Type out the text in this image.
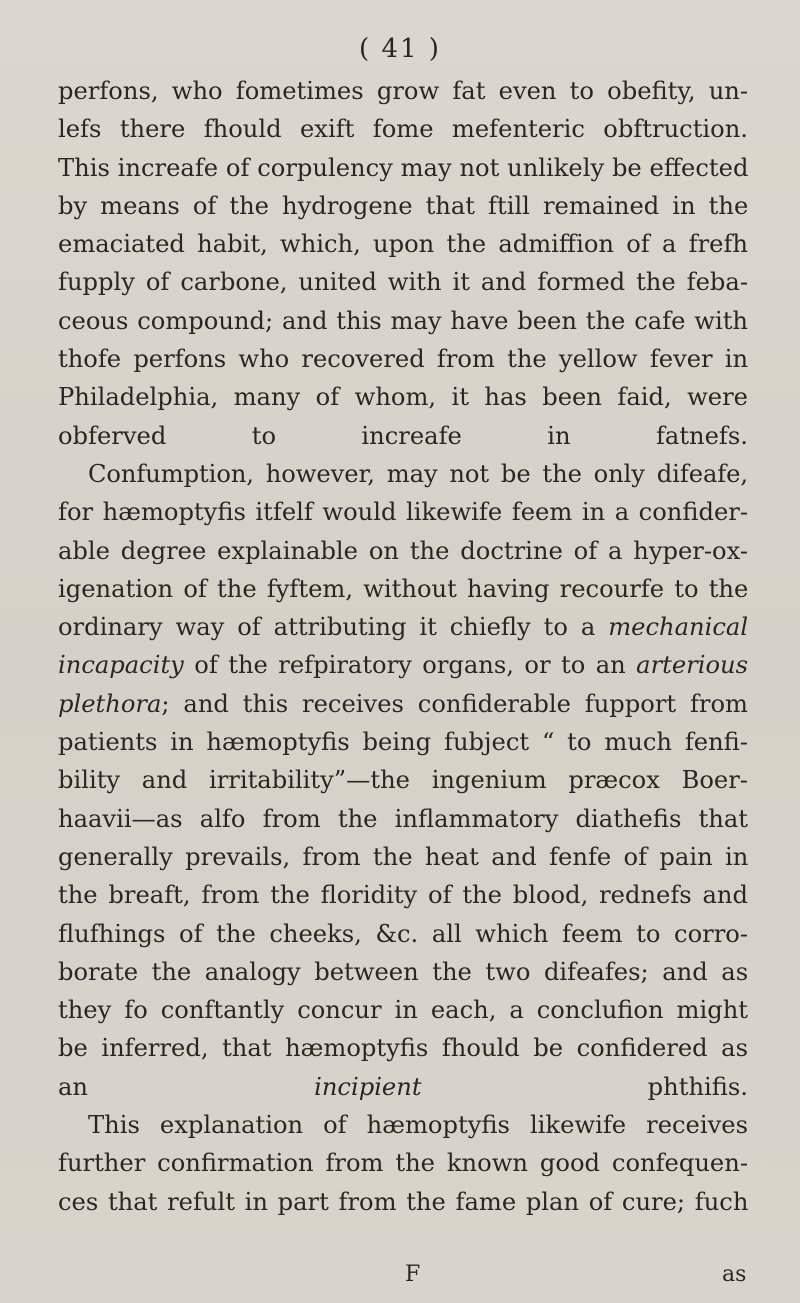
( 41 )

perfons, who fometimes grow fat even to obefity, un-
lefs there fhould exift fome mefenteric obftruction.
This increafe of corpulency may not unlikely be effected
by means of the hydrogene that ftill remained in the
emaciated habit, which, upon the admiffion of a frefh
fupply of carbone, united with it and formed the feba-
ceous compound; and this may have been the cafe with
thofe perfons who recovered from the yellow fever in
Philadelphia, many of whom, it has been faid, were
obferved to increafe in fatnefs.

Confumption, however, may not be the only difeafe,
for hæmoptyfis itfelf would likewife feem in a confider-
able degree explainable on the doctrine of a hyper-ox-
igenation of the fyftem, without having recourfe to the
ordinary way of attributing it chiefly to a mechanical
incapacity of the refpiratory organs, or to an arterious
plethora; and this receives confiderable fupport from
patients in hæmoptyfis being fubject “ to much fenfi-
bility and irritability”—the ingenium præcox Boer-
haavii—as alfo from the inflammatory diathefis that
generally prevails, from the heat and fenfe of pain in
the breaft, from the floridity of the blood, rednefs and
flufhings of the cheeks, &c. all which feem to corro-
borate the analogy between the two difeafes; and as
they fo conftantly concur in each, a conclufion might
be inferred, that hæmoptyfis fhould be confidered as
an incipient phthifis.

This explanation of hæmoptyfis likewife receives
further confirmation from the known good confequen-
ces that refult in part from the fame plan of cure; fuch

F	as
